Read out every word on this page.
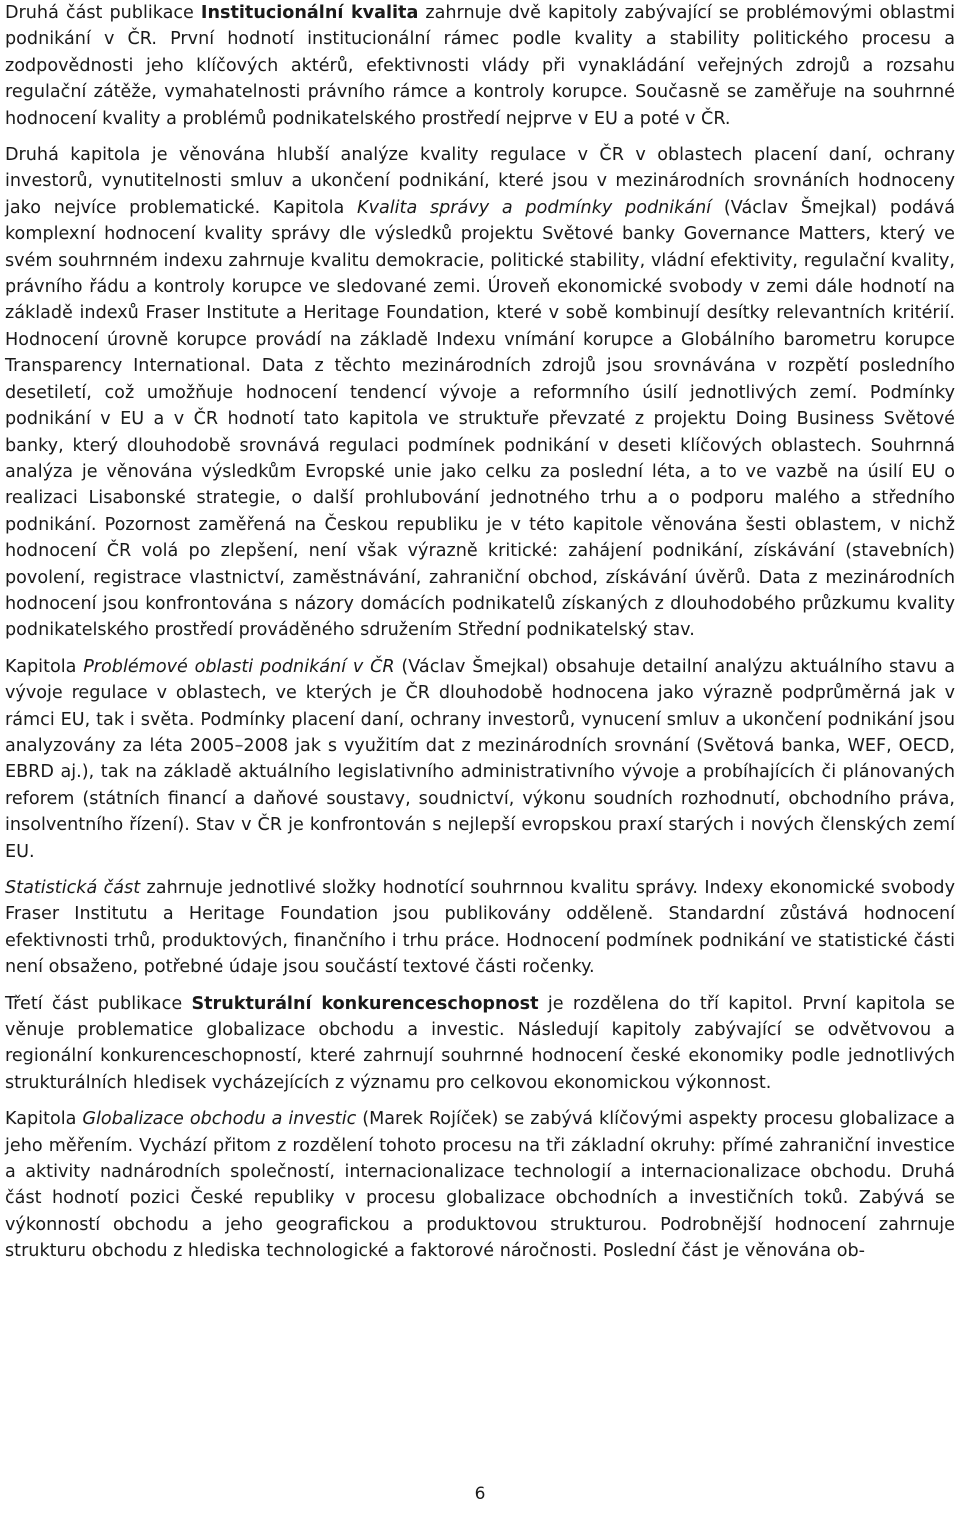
Druhá část publikace Institucionální kvalita zahrnuje dvě kapitoly zabývající se problémovými oblastmi podnikání v ČR. První hodnotí institucionální rámec podle kvality a stability politického procesu a zodpovědnosti jeho klíčových aktérů, efektivnosti vlády při vynakládání veřejných zdrojů a rozsahu regulační zátěže, vymahatelnosti právního rámce a kontroly korupce. Současně se zaměřuje na souhrnné hodnocení kvality a problémů podnikatelského prostředí nejprve v EU a poté v ČR.

Druhá kapitola je věnována hlubší analýze kvality regulace v ČR v oblastech placení daní, ochrany investorů, vynutitelnosti smluv a ukončení podnikání, které jsou v mezinárodních srovnáních hodnoceny jako nejvíce problematické. Kapitola Kvalita správy a podmínky podnikání (Václav Šmejkal) podává komplexní hodnocení kvality správy dle výsledků projektu Světové banky Governance Matters, který ve svém souhrnném indexu zahrnuje kvalitu demokracie, politické stability, vládní efektivity, regulační kvality, právního řádu a kontroly korupce ve sledované zemi. Úroveň ekonomické svobody v zemi dále hodnotí na základě indexů Fraser Institute a Heritage Foundation, které v sobě kombinují desítky relevantních kritérií. Hodnocení úrovně korupce provádí na základě Indexu vnímání korupce a Globálního barometru korupce Transparency International. Data z těchto mezinárodních zdrojů jsou srovnávána v rozpětí posledního desetiletí, což umožňuje hodnocení tendencí vývoje a reformního úsilí jednotlivých zemí. Podmínky podnikání v EU a v ČR hodnotí tato kapitola ve struktuře převzaté z projektu Doing Business Světové banky, který dlouhodobě srovnává regulaci podmínek podnikání v deseti klíčových oblastech. Souhrnná analýza je věnována výsledkům Evropské unie jako celku za poslední léta, a to ve vazbě na úsilí EU o realizaci Lisabonské strategie, o další prohlubování jednotného trhu a o podporu malého a středního podnikání. Pozornost zaměřená na Českou republiku je v této kapitole věnována šesti oblastem, v nichž hodnocení ČR volá po zlepšení, není však výrazně kritické: zahájení podnikání, získávání (stavebních) povolení, registrace vlastnictví, zaměstnávání, zahraniční obchod, získávání úvěrů. Data z mezinárodních hodnocení jsou konfrontována s názory domácích podnikatelů získaných z dlouhodobého průzkumu kvality podnikatelského prostředí prováděného sdružením Střední podnikatelský stav.

Kapitola Problémové oblasti podnikání v ČR (Václav Šmejkal) obsahuje detailní analýzu aktuálního stavu a vývoje regulace v oblastech, ve kterých je ČR dlouhodobě hodnocena jako výrazně podprůměrná jak v rámci EU, tak i světa. Podmínky placení daní, ochrany investorů, vynucení smluv a ukončení podnikání jsou analyzovány za léta 2005–2008 jak s využitím dat z mezinárodních srovnání (Světová banka, WEF, OECD, EBRD aj.), tak na základě aktuálního legislativního administrativního vývoje a probíhajících či plánovaných reforem (státních financí a daňové soustavy, soudnictví, výkonu soudních rozhodnutí, obchodního práva, insolventního řízení). Stav v ČR je konfrontován s nejlepší evropskou praxí starých i nových členských zemí EU.

Statistická část zahrnuje jednotlivé složky hodnotící souhrnnou kvalitu správy. Indexy ekonomické svobody Fraser Institutu a Heritage Foundation jsou publikovány odděleně. Standardní zůstává hodnocení efektivnosti trhů, produktových, finančního i trhu práce. Hodnocení podmínek podnikání ve statistické části není obsaženo, potřebné údaje jsou součástí textové části ročenky.

Třetí část publikace Strukturální konkurenceschopnost je rozdělena do tří kapitol. První kapitola se věnuje problematice globalizace obchodu a investic. Následují kapitoly zabývající se odvětvovou a regionální konkurenceschopností, které zahrnují souhrnné hodnocení české ekonomiky podle jednotlivých strukturálních hledisek vycházejících z významu pro celkovou ekonomickou výkonnost.

Kapitola Globalizace obchodu a investic (Marek Rojíček) se zabývá klíčovými aspekty procesu globalizace a jeho měřením. Vychází přitom z rozdělení tohoto procesu na tři základní okruhy: přímé zahraniční investice a aktivity nadnárodních společností, internacionalizace technologií a internacionalizace obchodu. Druhá část hodnotí pozici České republiky v procesu globalizace obchodních a investičních toků. Zabývá se výkonností obchodu a jeho geografickou a produktovou strukturou. Podrobnější hodnocení zahrnuje strukturu obchodu z hlediska technologické a faktorové náročnosti. Poslední část je věnována ob-

6
